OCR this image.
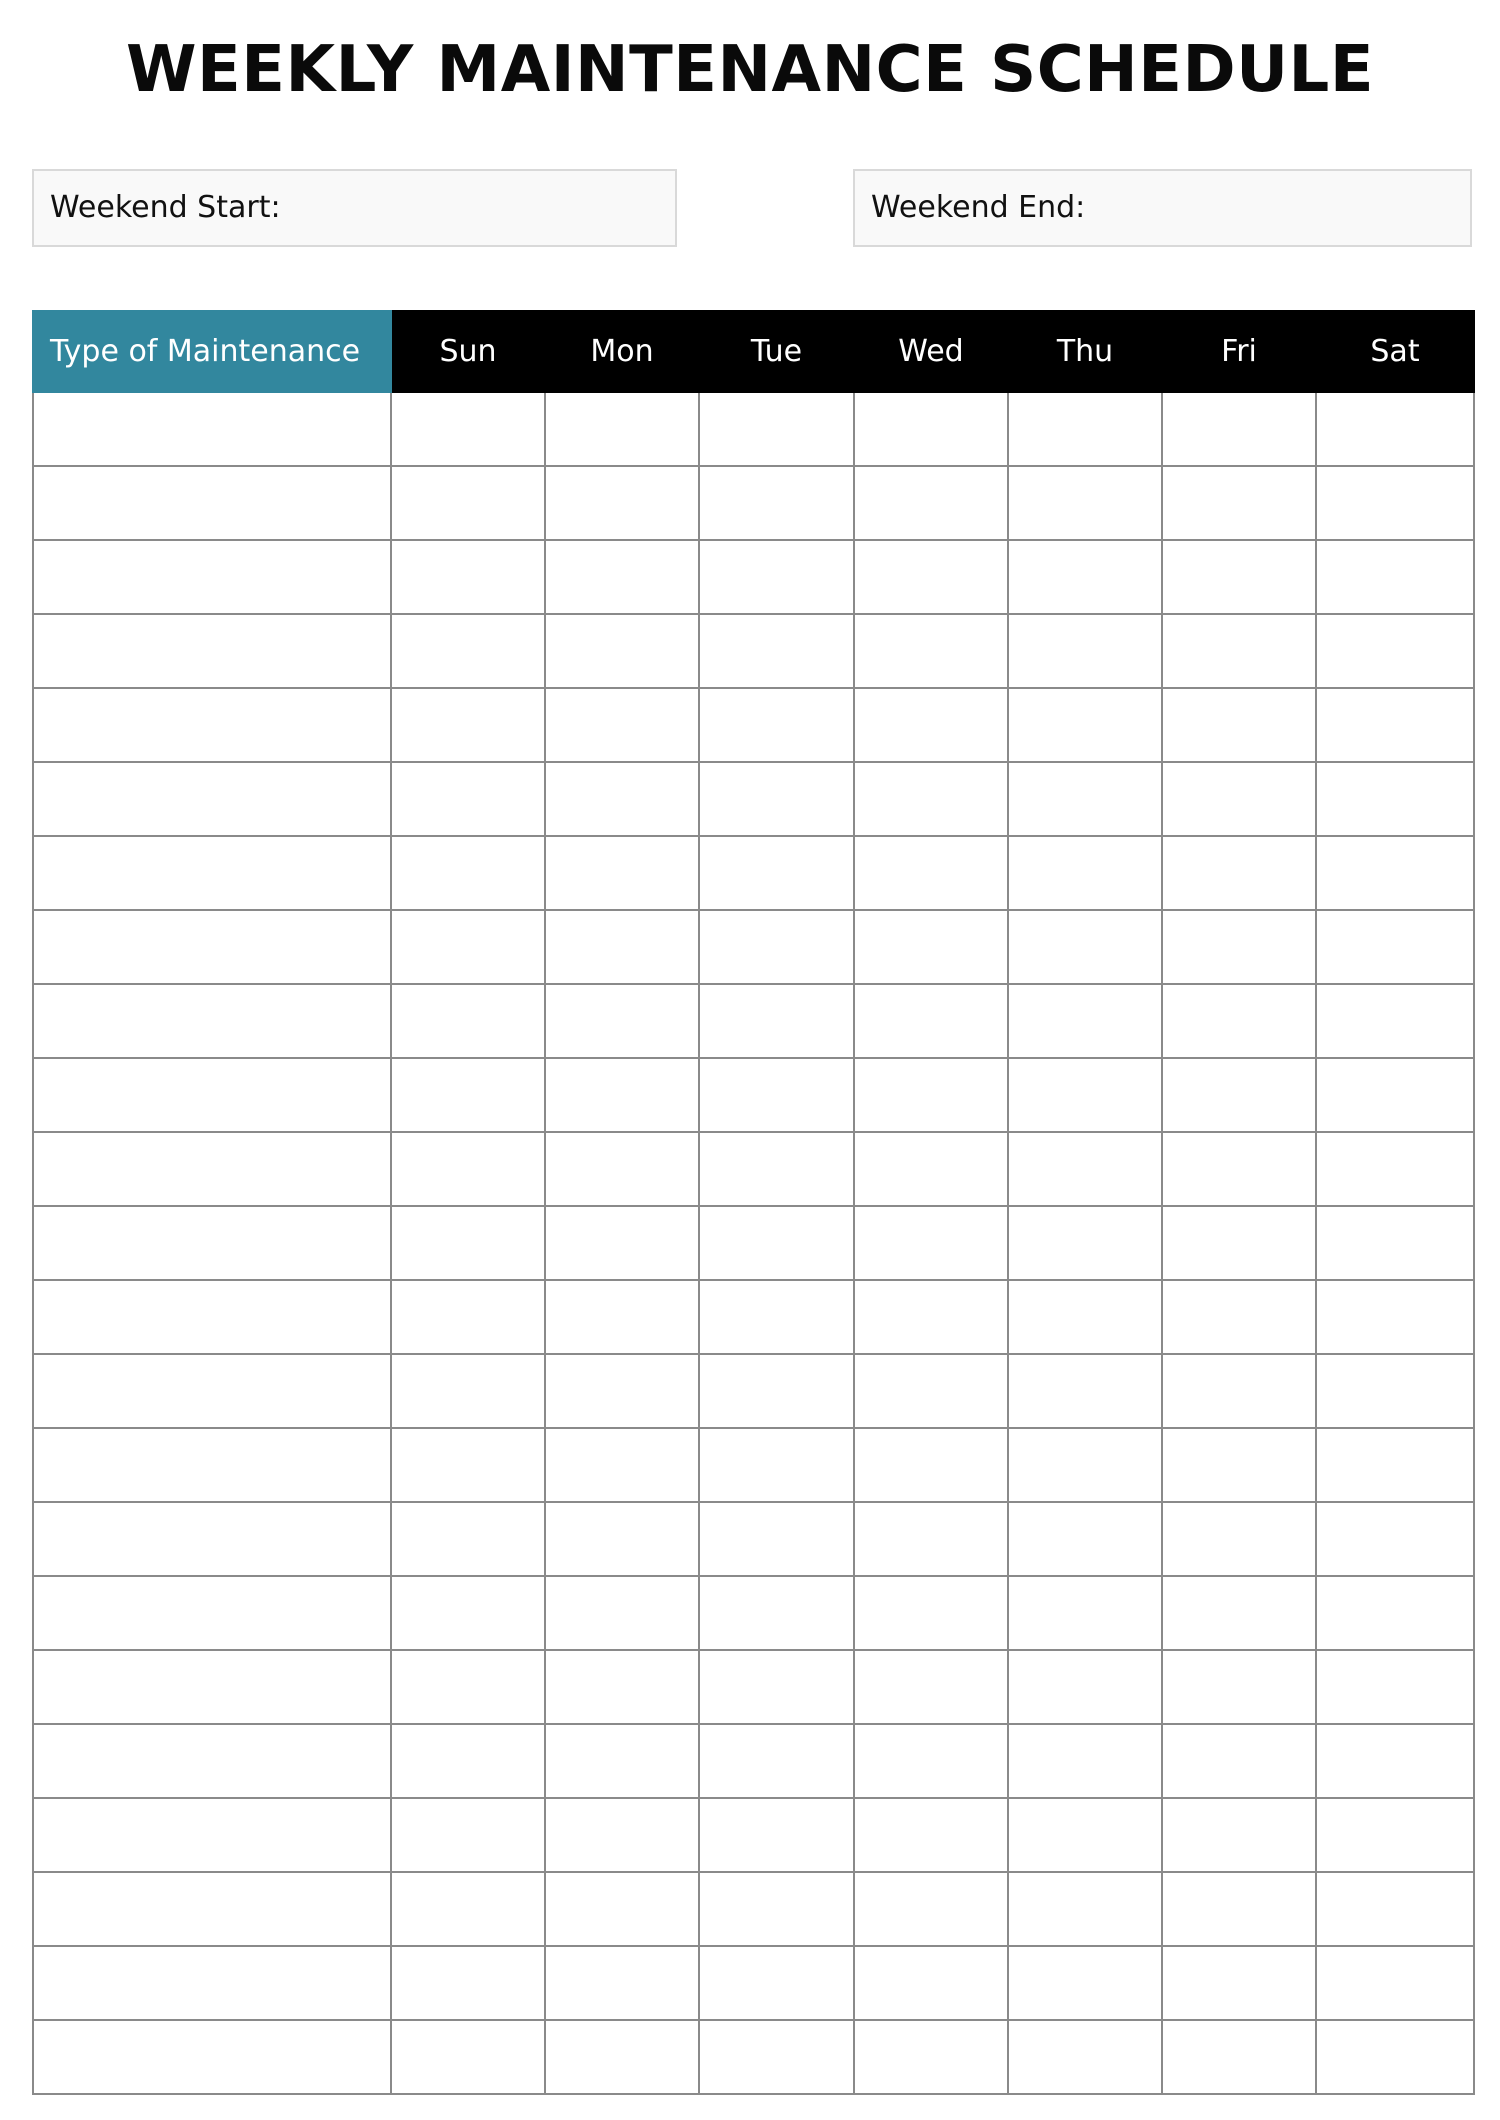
WEEKLY MAINTENANCE SCHEDULE
Weekend Start:	Weekend End:
Type of Maintenance	Sun	Mon	Tue	Wed	Thu	Fri	Sat
